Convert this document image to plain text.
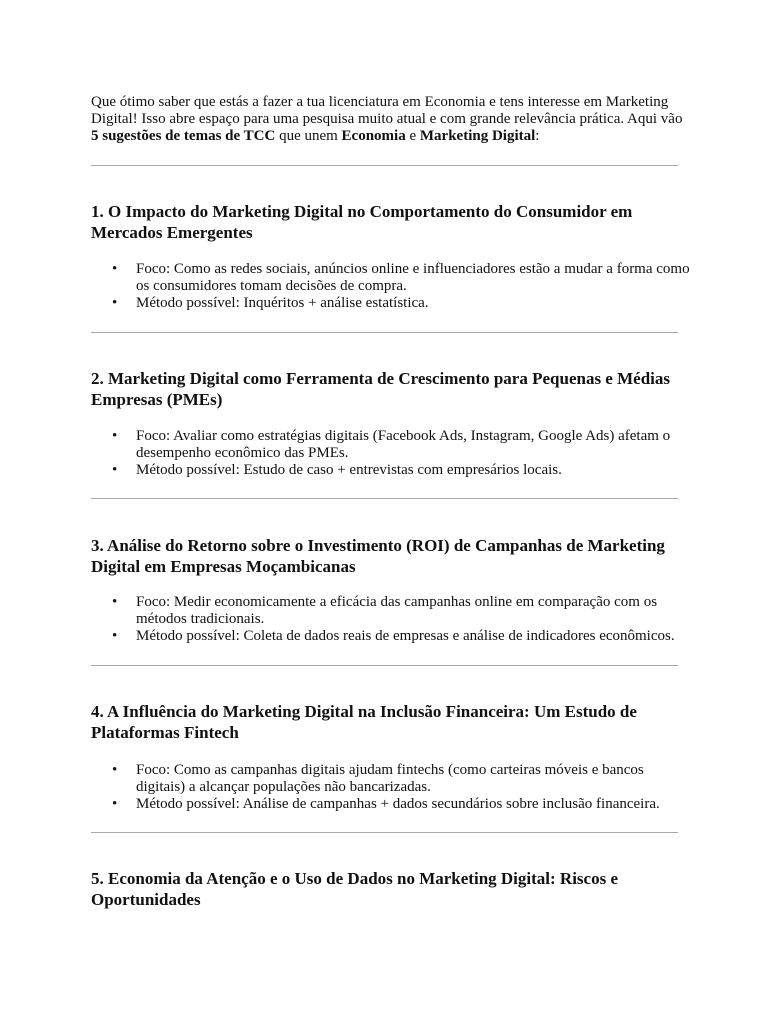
Que ótimo saber que estás a fazer a tua licenciatura em Economia e tens interesse em Marketing Digital! Isso abre espaço para uma pesquisa muito atual e com grande relevância prática. Aqui vão 5 sugestões de temas de TCC que unem Economia e Marketing Digital:

1. O Impacto do Marketing Digital no Comportamento do Consumidor em Mercados Emergentes
• Foco: Como as redes sociais, anúncios online e influenciadores estão a mudar a forma como os consumidores tomam decisões de compra.
• Método possível: Inquéritos + análise estatística.
2. Marketing Digital como Ferramenta de Crescimento para Pequenas e Médias Empresas (PMEs)
• Foco: Avaliar como estratégias digitais (Facebook Ads, Instagram, Google Ads) afetam o desempenho econômico das PMEs.
• Método possível: Estudo de caso + entrevistas com empresários locais.
3. Análise do Retorno sobre o Investimento (ROI) de Campanhas de Marketing Digital em Empresas Moçambicanas
• Foco: Medir economicamente a eficácia das campanhas online em comparação com os métodos tradicionais.
• Método possível: Coleta de dados reais de empresas e análise de indicadores econômicos.
4. A Influência do Marketing Digital na Inclusão Financeira: Um Estudo de Plataformas Fintech
• Foco: Como as campanhas digitais ajudam fintechs (como carteiras móveis e bancos digitais) a alcançar populações não bancarizadas.
• Método possível: Análise de campanhas + dados secundários sobre inclusão financeira.
5. Economia da Atenção e o Uso de Dados no Marketing Digital: Riscos e Oportunidades
